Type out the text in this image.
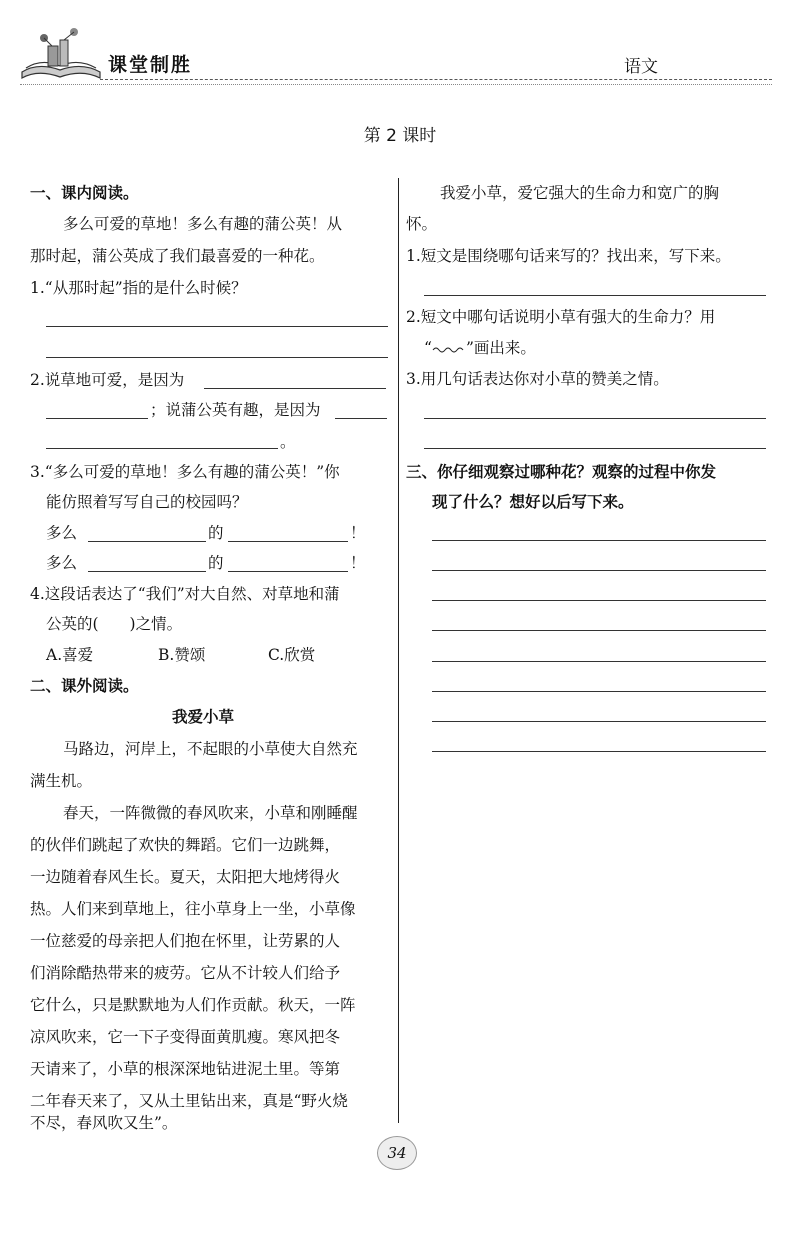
课堂制胜	语文
第 2 课时
一、课内阅读。
多么可爱的草地！多么有趣的蒲公英！从
那时起，蒲公英成了我们最喜爱的一种花。
1.“从那时起”指的是什么时候？
2.说草地可爱，是因为
；说蒲公英有趣，是因为
。
3.“多么可爱的草地！多么有趣的蒲公英！”你
能仿照着写写自己的校园吗？
多么	的	！
多么	的	！
4.这段话表达了“我们”对大自然、对草地和蒲
公英的(　　)之情。
A.喜爱	B.赞颂	C.欣赏
二、课外阅读。
我爱小草
马路边，河岸上，不起眼的小草使大自然充
满生机。
春天，一阵微微的春风吹来，小草和刚睡醒
的伙伴们跳起了欢快的舞蹈。它们一边跳舞，
一边随着春风生长。夏天，太阳把大地烤得火
热。人们来到草地上，往小草身上一坐，小草像
一位慈爱的母亲把人们抱在怀里，让劳累的人
们消除酷热带来的疲劳。它从不计较人们给予
它什么，只是默默地为人们作贡献。秋天，一阵
凉风吹来，它一下子变得面黄肌瘦。寒风把冬
天请来了，小草的根深深地钻进泥土里。等第
二年春天来了，又从土里钻出来，真是“野火烧
不尽，春风吹又生”。
我爱小草，爱它强大的生命力和宽广的胸
怀。
1.短文是围绕哪句话来写的？找出来，写下来。
2.短文中哪句话说明小草有强大的生命力？用
“ ”画出来。
3.用几句话表达你对小草的赞美之情。
三、你仔细观察过哪种花？观察的过程中你发
现了什么？想好以后写下来。
34
